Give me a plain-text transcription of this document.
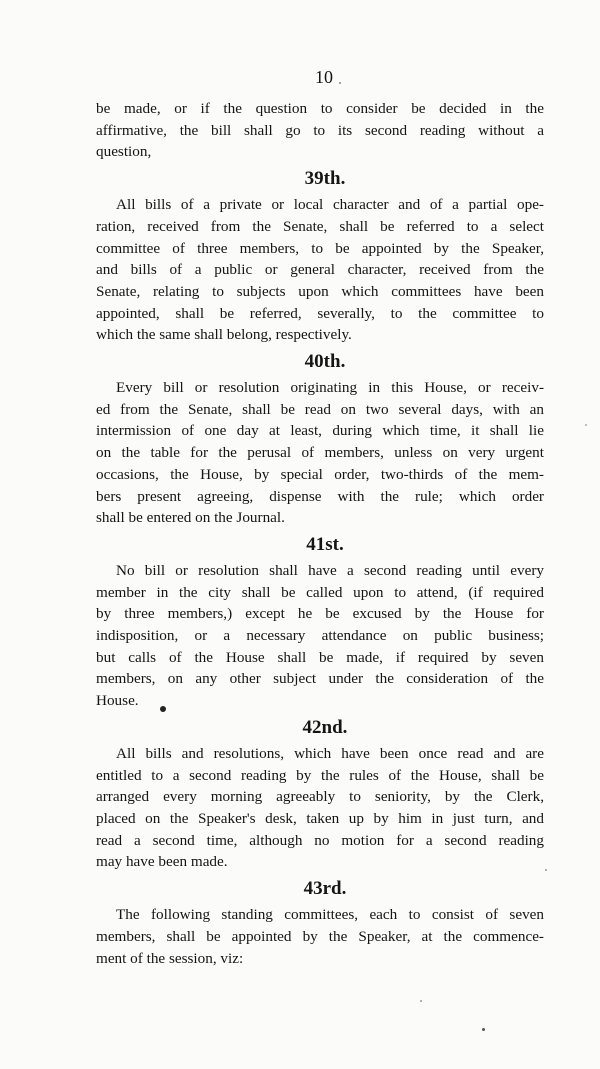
10
be made, or if the question to consider be decided in the
affirmative, the bill shall go to its second reading without a
question,
39th.
All bills of a private or local character and of a partial ope-
ration, received from the Senate, shall be referred to a select
committee of three members, to be appointed by the Speaker,
and bills of a public or general character, received from the
Senate, relating to subjects upon which committees have been
appointed, shall be referred, severally, to the committee to
which the same shall belong, respectively.
40th.
Every bill or resolution originating in this House, or receiv-
ed from the Senate, shall be read on two several days, with an
intermission of one day at least, during which time, it shall lie
on the table for the perusal of members, unless on very urgent
occasions, the House, by special order, two-thirds of the mem-
bers present agreeing, dispense with the rule; which order
shall be entered on the Journal.
41st.
No bill or resolution shall have a second reading until every
member in the city shall be called upon to attend, (if required
by three members,) except he be excused by the House for
indisposition, or a necessary attendance on public business;
but calls of the House shall be made, if required by seven
members, on any other subject under the consideration of the
House.
42nd.
All bills and resolutions, which have been once read and are
entitled to a second reading by the rules of the House, shall be
arranged every morning agreeably to seniority, by the Clerk,
placed on the Speaker's desk, taken up by him in just turn, and
read a second time, although no motion for a second reading
may have been made.
43rd.
The following standing committees, each to consist of seven
members, shall be appointed by the Speaker, at the commence-
ment of the session, viz:
